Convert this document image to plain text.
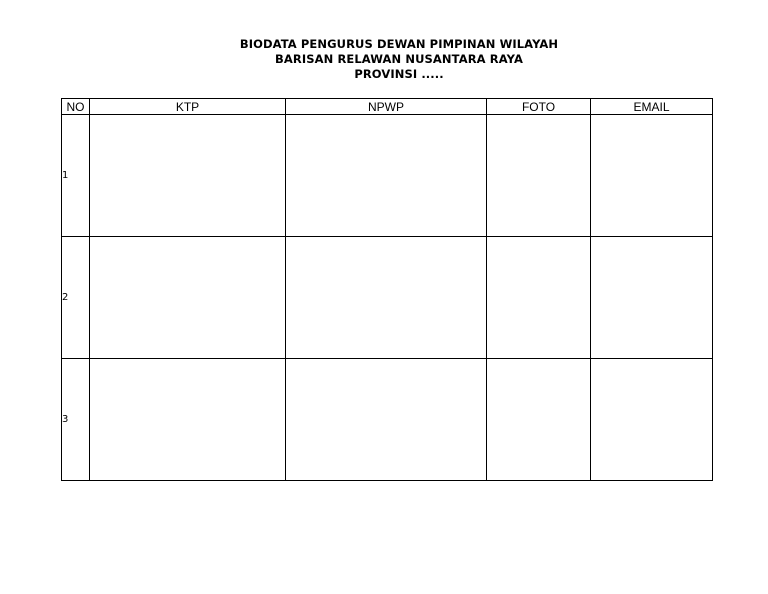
BIODATA PENGURUS DEWAN PIMPINAN WILAYAH
BARISAN RELAWAN NUSANTARA RAYA
PROVINSI .....
NO	KTP	NPWP	FOTO	EMAIL
1				
2				
3				
